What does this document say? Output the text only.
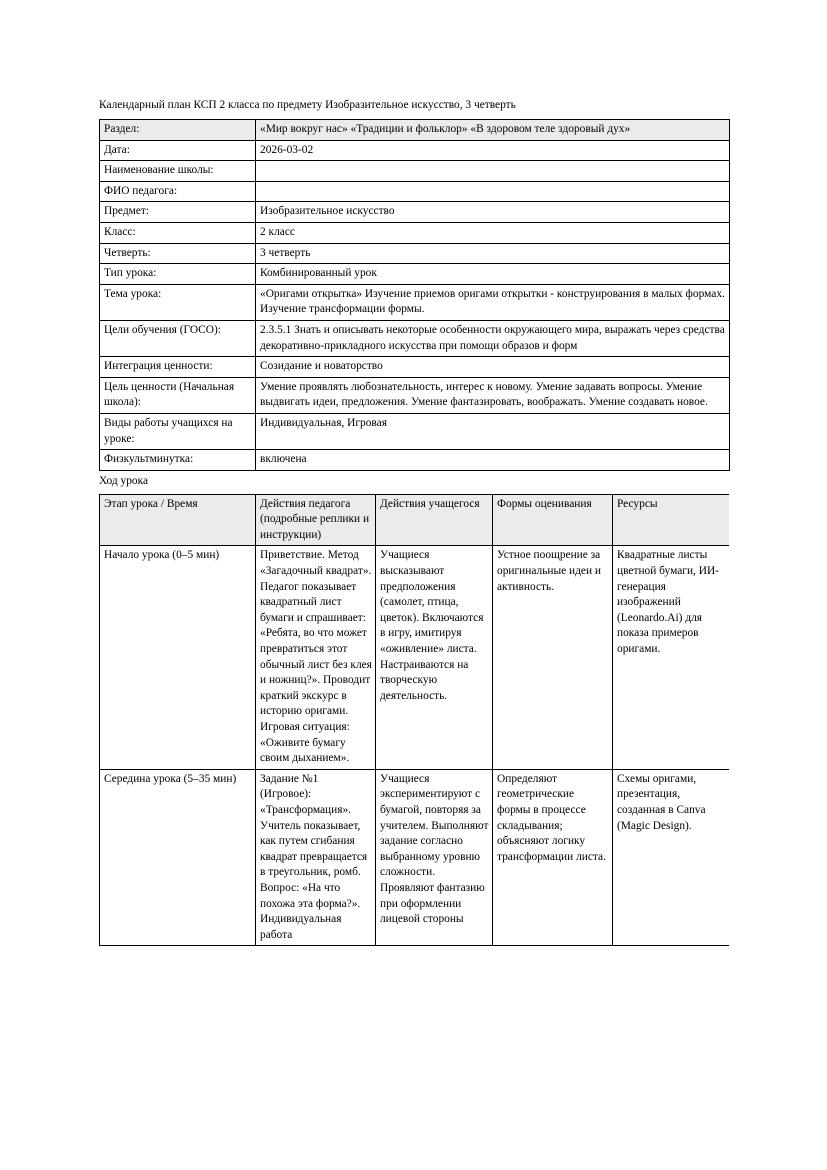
Календарный план КСП 2 класса по предмету Изобразительное искусство, 3 четверть

Раздел:	«Мир вокруг нас» «Традиции и фольклор» «В здоровом теле здоровый дух»
Дата:	2026-03-02
Наименование школы:	
ФИО педагога:	
Предмет:	Изобразительное искусство
Класс:	2 класс
Четверть:	3 четверть
Тип урока:	Комбинированный урок
Тема урока:	«Оригами открытка» Изучение приемов оригами открытки - конструирования в малых формах. Изучение трансформации формы.
Цели обучения (ГОСО):	2.3.5.1 Знать и описывать некоторые особенности окружающего мира, выражать через средства декоративно-прикладного искусства при помощи образов и форм
Интеграция ценности:	Созидание и новаторство
Цель ценности (Начальная школа):	Умение проявлять любознательность, интерес к новому. Умение задавать вопросы. Умение выдвигать идеи, предложения. Умение фантазировать, воображать. Умение создавать новое.
Виды работы учащихся на уроке:	Индивидуальная, Игровая
Физкультминутка:	включена

Ход урока

Этап урока / Время	Действия педагога (подробные реплики и инструкции)	Действия учащегося	Формы оценивания	Ресурсы
Начало урока (0–5 мин)	Приветствие. Метод «Загадочный квадрат». Педагог показывает квадратный лист бумаги и спрашивает: «Ребята, во что может превратиться этот обычный лист без клея и ножниц?». Проводит краткий экскурс в историю оригами. Игровая ситуация: «Оживите бумагу своим дыханием».	Учащиеся высказывают предположения (самолет, птица, цветок). Включаются в игру, имитируя «оживление» листа. Настраиваются на творческую деятельность.	Устное поощрение за оригинальные идеи и активность.	Квадратные листы цветной бумаги, ИИ-генерация изображений (Leonardo.Ai) для показа примеров оригами.
Середина урока (5–35 мин)	Задание №1 (Игровое): «Трансформация». Учитель показывает, как путем сгибания квадрат превращается в треугольник, ромб. Вопрос: «На что похожа эта форма?». Индивидуальная работа	Учащиеся экспериментируют с бумагой, повторяя за учителем. Выполняют задание согласно выбранному уровню сложности. Проявляют фантазию при оформлении лицевой стороны	Определяют геометрические формы в процессе складывания; объясняют логику трансформации листа.	Схемы оригами, презентация, созданная в Canva (Magic Design).
